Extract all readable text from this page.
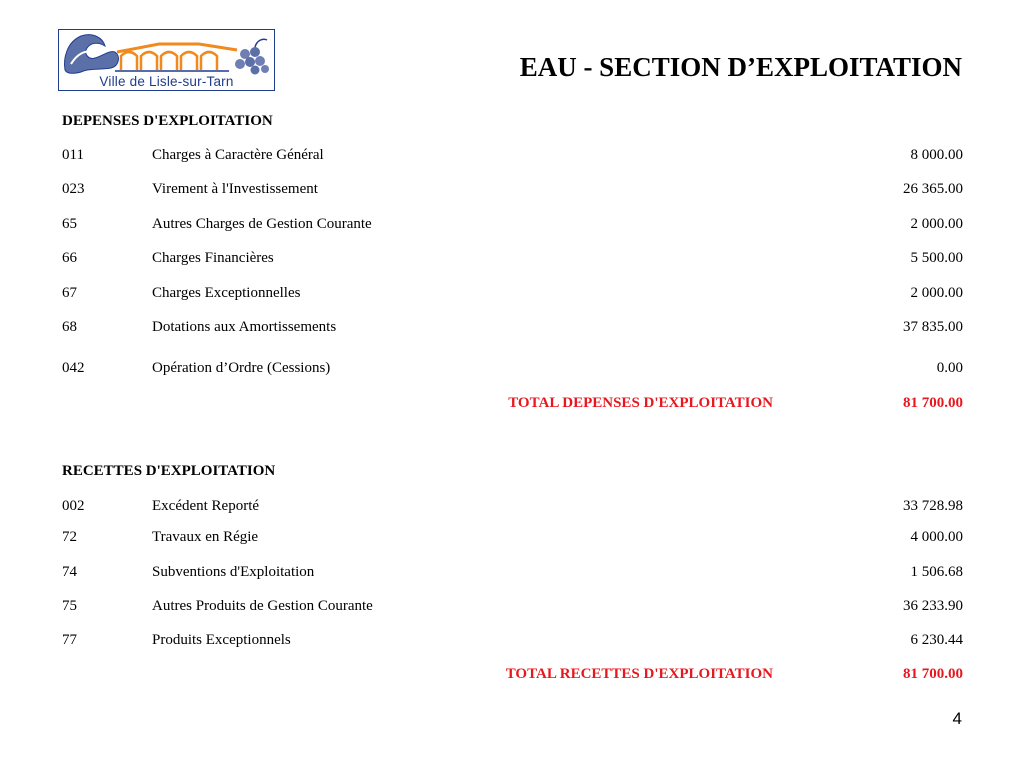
Ville de Lisle-sur-Tarn	EAU - SECTION D’EXPLOITATION
DEPENSES D'EXPLOITATION
011	Charges à Caractère Général	8 000.00
023	Virement à l'Investissement	26 365.00
65	Autres Charges de Gestion Courante	2 000.00
66	Charges Financières	5 500.00
67	Charges Exceptionnelles	2 000.00
68	Dotations aux Amortissements	37 835.00
042	Opération d’Ordre (Cessions)	0.00
TOTAL DEPENSES D'EXPLOITATION	81 700.00
RECETTES D'EXPLOITATION
002	Excédent Reporté	33 728.98
72	Travaux en Régie	4 000.00
74	Subventions d'Exploitation	1 506.68
75	Autres Produits de Gestion Courante	36 233.90
77	Produits Exceptionnels	6 230.44
TOTAL RECETTES D'EXPLOITATION	81 700.00
4
